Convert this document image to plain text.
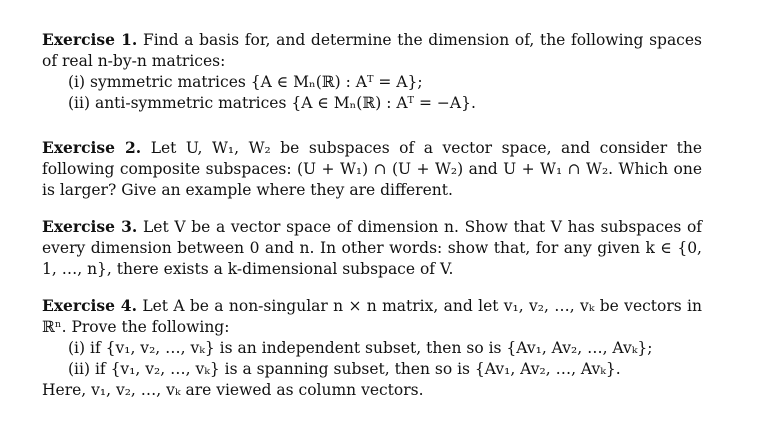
Exercise 1. Find a basis for, and determine the dimension of, the following spaces of real n-by-n matrices:

(i) symmetric matrices {A ∈ Mₙ(ℝ) : Aᵀ = A};

(ii) anti-symmetric matrices {A ∈ Mₙ(ℝ) : Aᵀ = −A}.

Exercise 2. Let U, W₁, W₂ be subspaces of a vector space, and consider the following composite subspaces: (U + W₁) ∩ (U + W₂) and U + W₁ ∩ W₂. Which one is larger? Give an example where they are different.

Exercise 3. Let V be a vector space of dimension n. Show that V has subspaces of every dimension between 0 and n. In other words: show that, for any given k ∈ {0, 1, …, n}, there exists a k-dimensional subspace of V.

Exercise 4. Let A be a non-singular n × n matrix, and let v₁, v₂, …, vₖ be vectors in ℝⁿ. Prove the following:

(i) if {v₁, v₂, …, vₖ} is an independent subset, then so is {Av₁, Av₂, …, Avₖ};

(ii) if {v₁, v₂, …, vₖ} is a spanning subset, then so is {Av₁, Av₂, …, Avₖ}.

Here, v₁, v₂, …, vₖ are viewed as column vectors.
